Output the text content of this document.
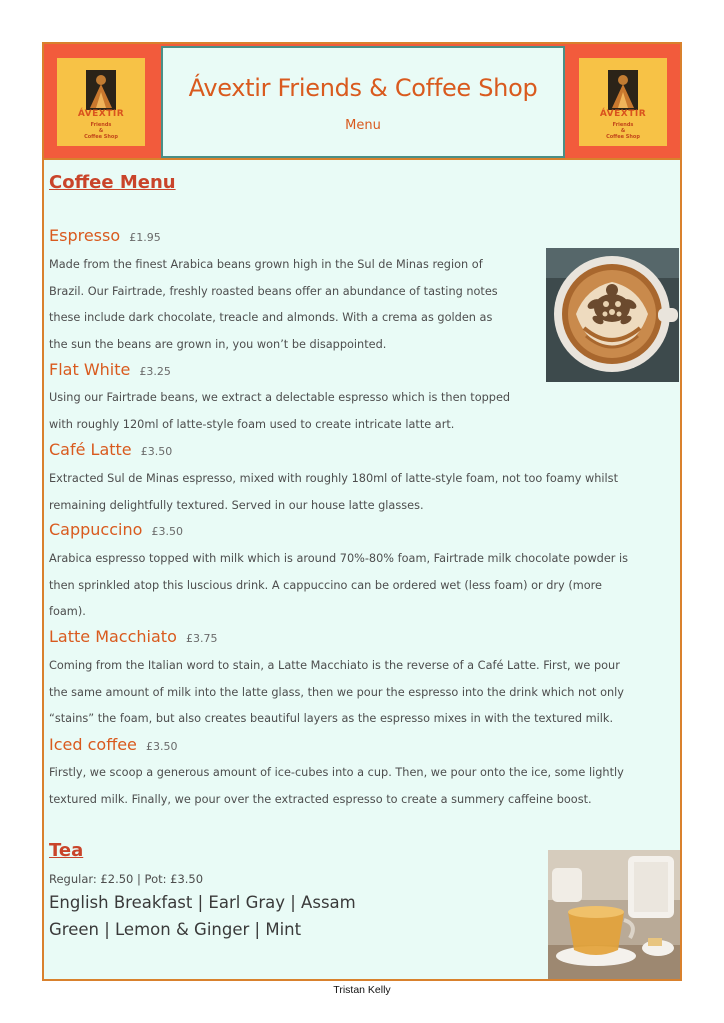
ÁVEXTIR
Friends
&
Coffee Shop
Ávextir Friends & Coffee Shop
Menu
ÁVEXTIR
Friends
&
Coffee Shop
Coffee Menu
Espresso £1.95
Made from the finest Arabica beans grown high in the Sul de Minas region of
Brazil. Our Fairtrade, freshly roasted beans offer an abundance of tasting notes
these include dark chocolate, treacle and almonds. With a crema as golden as
the sun the beans are grown in, you won’t be disappointed.
Flat White £3.25
Using our Fairtrade beans, we extract a delectable espresso which is then topped
with roughly 120ml of latte-style foam used to create intricate latte art.
Café Latte £3.50
Extracted Sul de Minas espresso, mixed with roughly 180ml of latte-style foam, not too foamy whilst
remaining delightfully textured. Served in our house latte glasses.
Cappuccino £3.50
Arabica espresso topped with milk which is around 70%-80% foam, Fairtrade milk chocolate powder is
then sprinkled atop this luscious drink. A cappuccino can be ordered wet (less foam) or dry (more
foam).
Latte Macchiato £3.75
Coming from the Italian word to stain, a Latte Macchiato is the reverse of a Café Latte. First, we pour
the same amount of milk into the latte glass, then we pour the espresso into the drink which not only
“stains” the foam, but also creates beautiful layers as the espresso mixes in with the textured milk.
Iced coffee £3.50
Firstly, we scoop a generous amount of ice-cubes into a cup. Then, we pour onto the ice, some lightly
textured milk. Finally, we pour over the extracted espresso to create a summery caffeine boost.
Tea
Regular: £2.50 | Pot: £3.50
English Breakfast | Earl Gray | Assam
Green | Lemon & Ginger | Mint
Tristan Kelly
